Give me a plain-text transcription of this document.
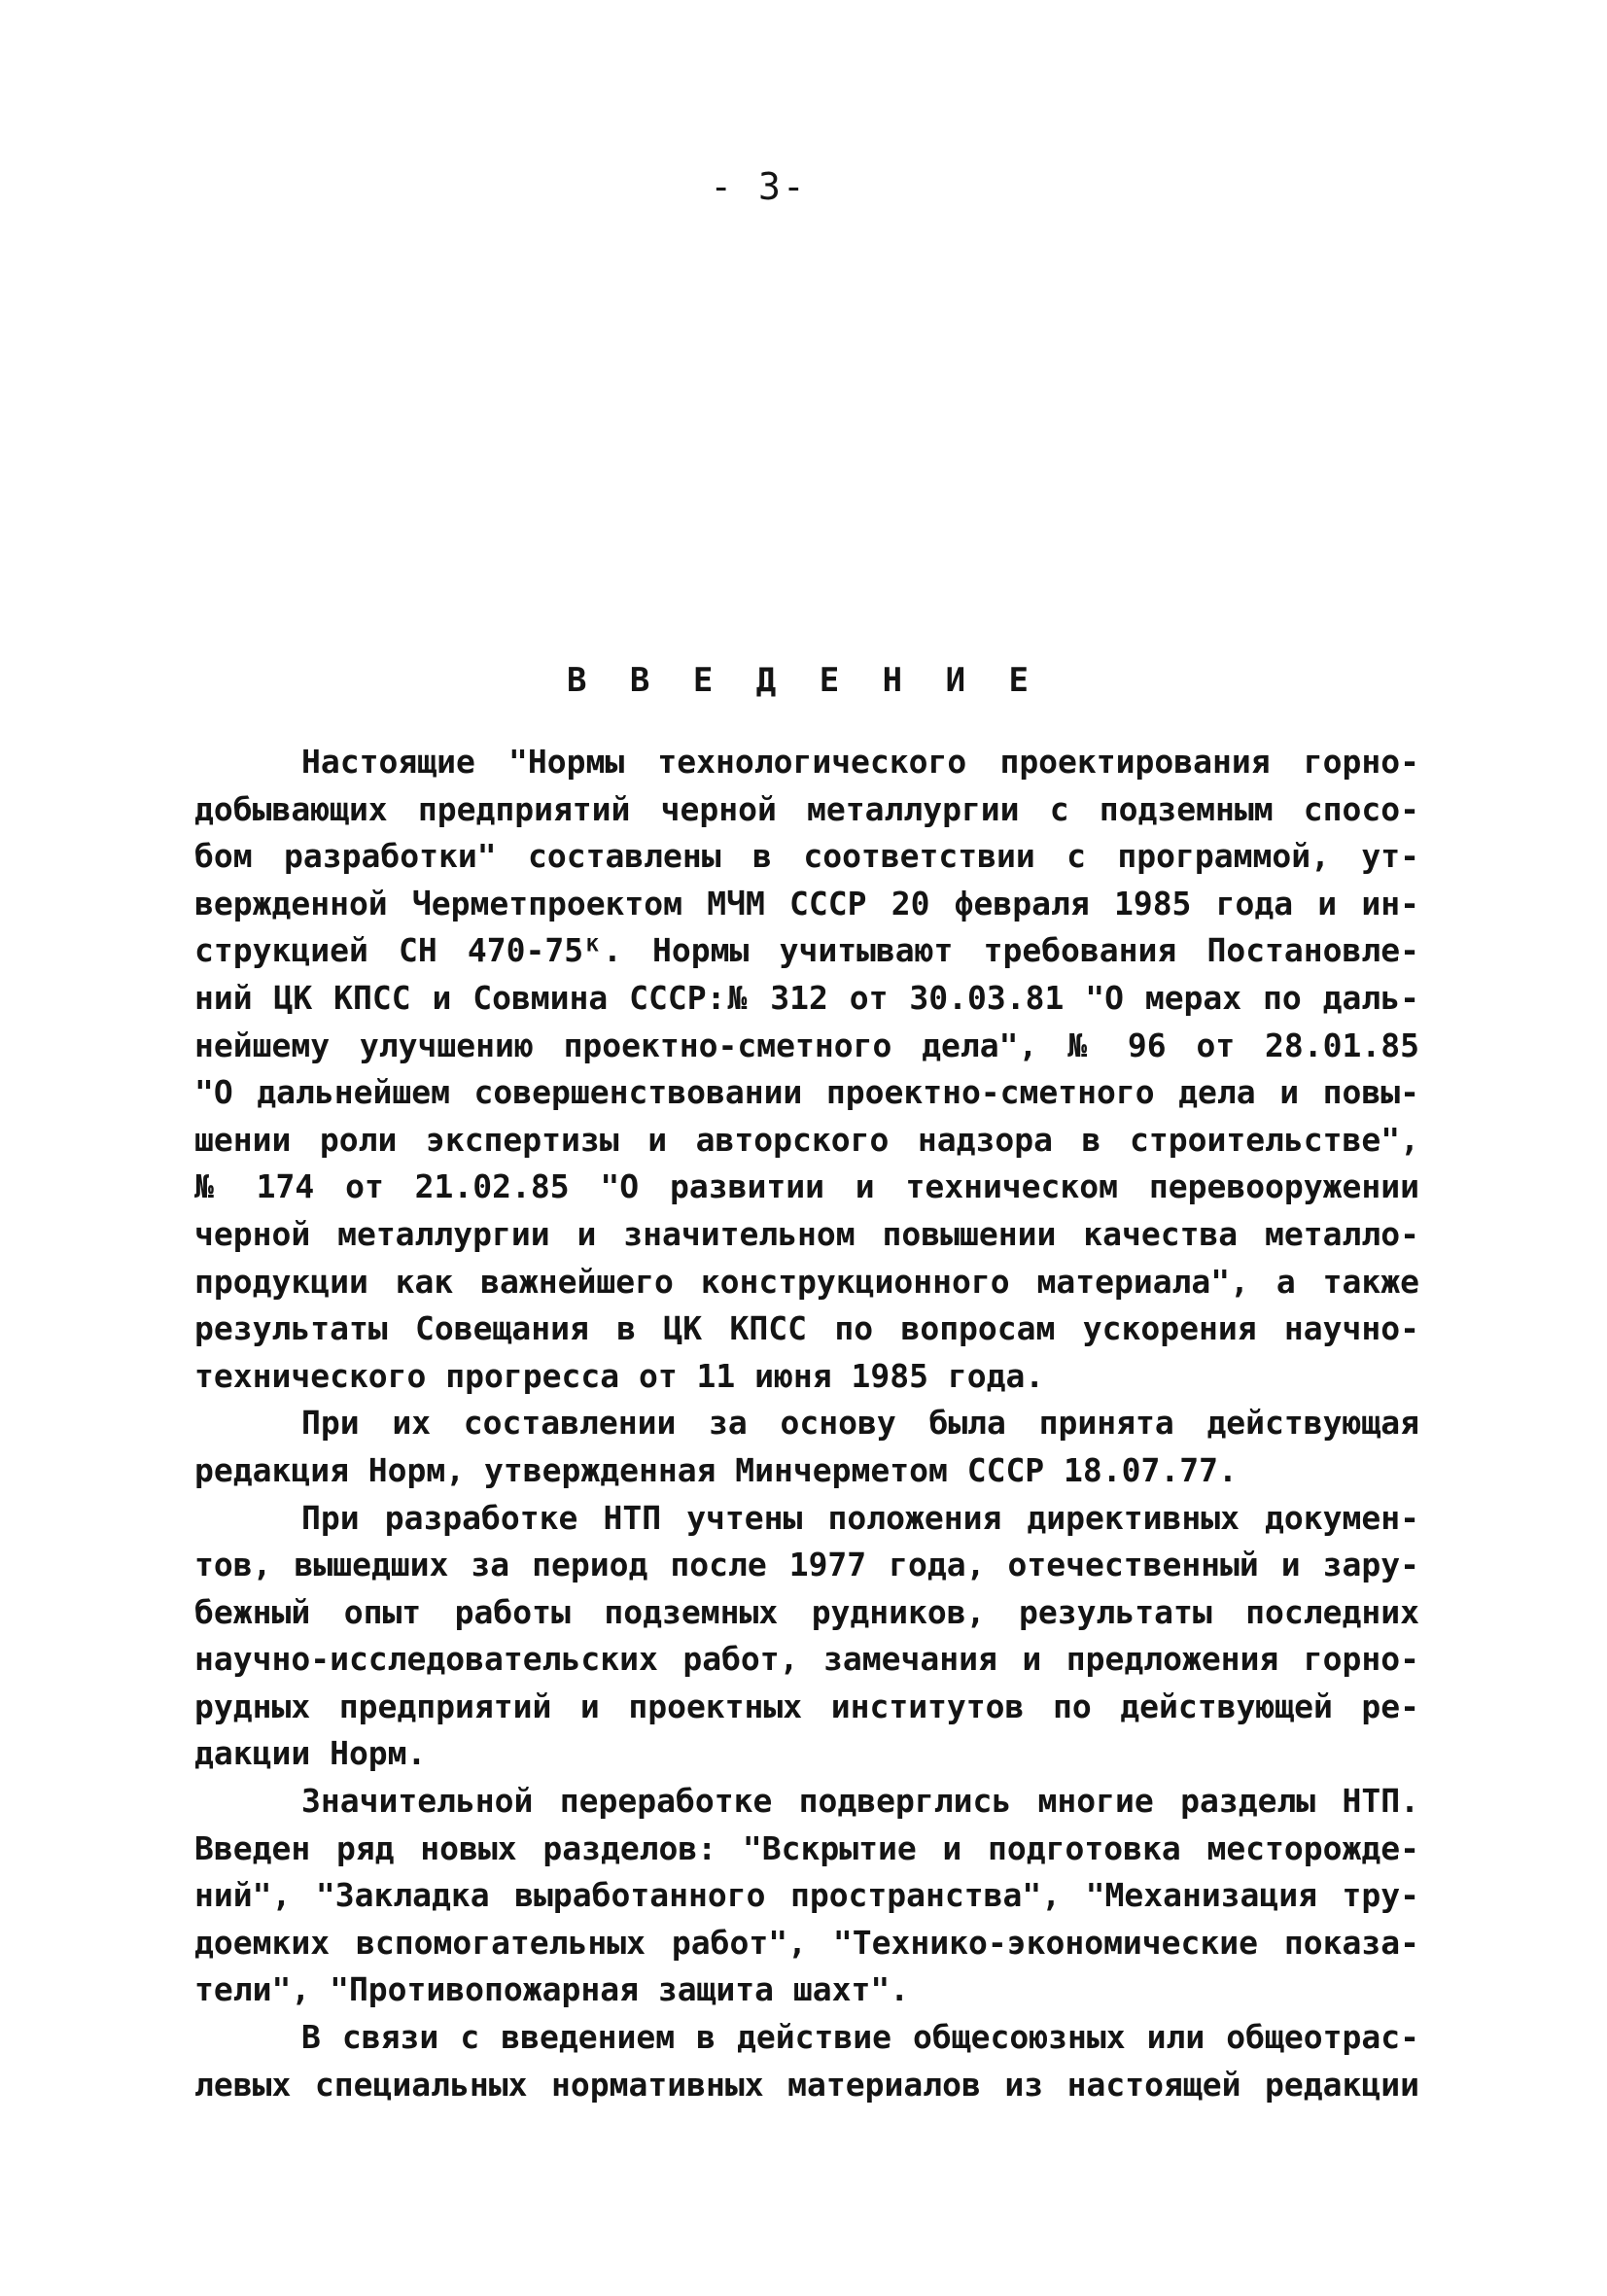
- 3-
В В Е Д Е Н И Е
Настоящие "Нормы технологического проектирования горно-
добывающих предприятий черной металлургии с подземным спосо-
бом разработки" составлены в соответствии с программой, ут-
вержденной Черметпроектом МЧМ СССР 20 февраля 1985 года и ин-
струкцией СН 470-75ᴷ. Нормы учитывают требования Постановле-
ний ЦК КПСС и Совмина СССР:№ 312 от 30.03.81 "О мерах по даль-
нейшему улучшению проектно-сметного дела", № 96 от 28.01.85
"О дальнейшем совершенствовании проектно-сметного дела и повы-
шении роли экспертизы и авторского надзора в строительстве",
№ 174 от 21.02.85 "О развитии и техническом перевооружении
черной металлургии и значительном повышении качества металло-
продукции как важнейшего конструкционного материала", а также
результаты Совещания в ЦК КПСС по вопросам ускорения научно-
технического прогресса от 11 июня 1985 года.
При их составлении за основу была принята действующая
редакция Норм, утвержденная Минчерметом СССР 18.07.77.
При разработке НТП учтены положения директивных докумен-
тов, вышедших за период после 1977 года, отечественный и зару-
бежный опыт работы подземных рудников, результаты последних
научно-исследовательских работ, замечания и предложения горно-
рудных предприятий и проектных институтов по действующей ре-
дакции Норм.
Значительной переработке подверглись многие разделы НТП.
Введен ряд новых разделов: "Вскрытие и подготовка месторожде-
ний", "Закладка выработанного пространства", "Механизация тру-
доемких вспомогательных работ", "Технико-экономические показа-
тели", "Противопожарная защита шахт".
В связи с введением в действие общесоюзных или общеотрас-
левых специальных нормативных материалов из настоящей редакции
